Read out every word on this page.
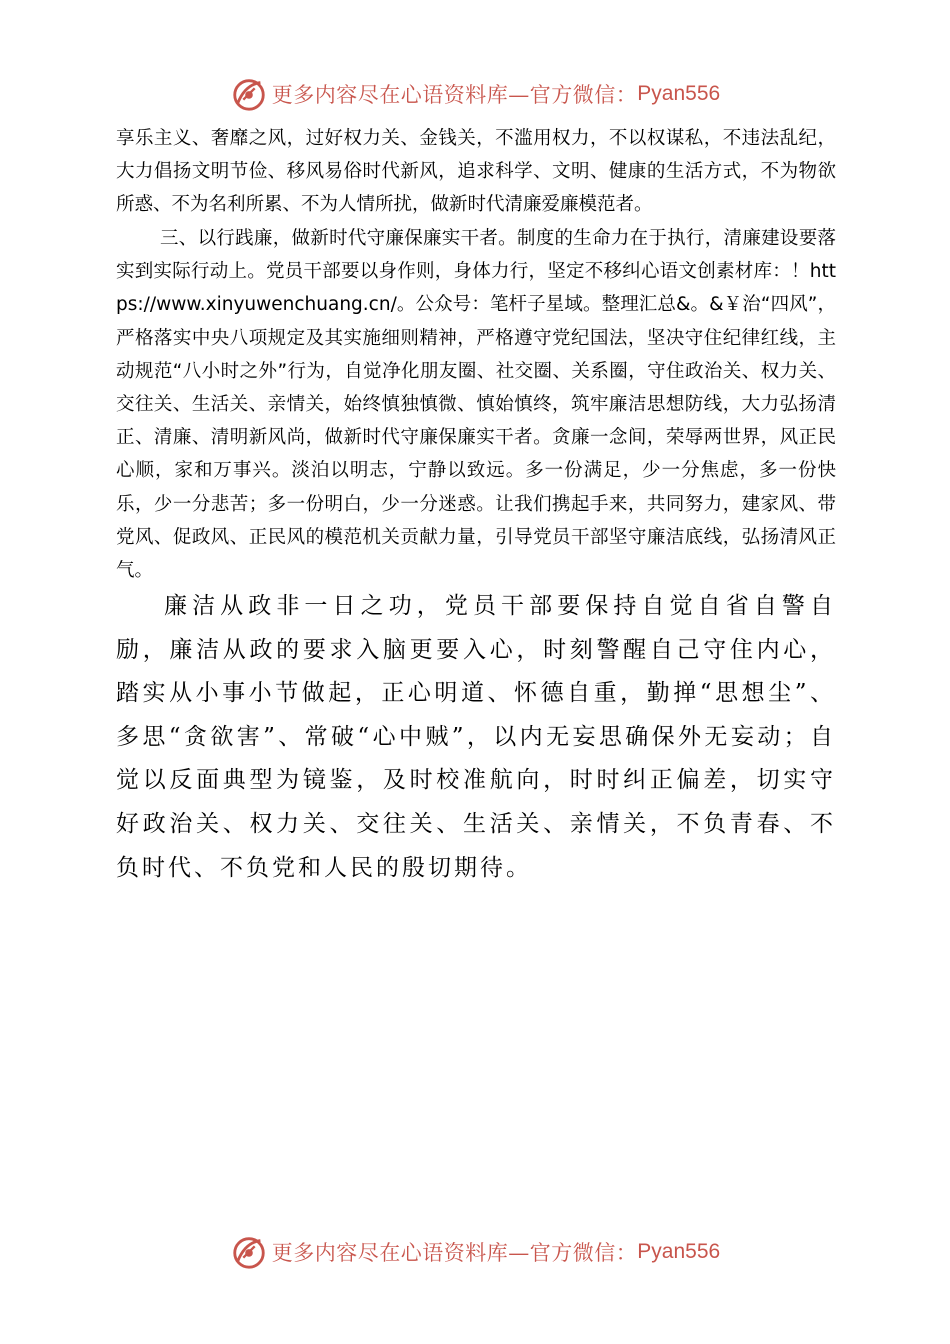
更多内容尽在心语资料库—官方微信： Pyan556

享乐主义、奢靡之风，过好权力关、金钱关，不滥用权力，不以权谋私，不违法乱纪，大力倡扬文明节俭、移风易俗时代新风，追求科学、文明、健康的生活方式，不为物欲所惑、不为名利所累、不为人情所扰，做新时代清廉爱廉模范者。

三、以行践廉，做新时代守廉保廉实干者。制度的生命力在于执行，清廉建设要落实到实际行动上。党员干部要以身作则，身体力行，坚定不移纠心语文创素材库：！https://www.xinyuwenchuang.cn/。公众号：笔杆子星域。整理汇总&。&￥治“四风”，严格落实中央八项规定及其实施细则精神，严格遵守党纪国法，坚决守住纪律红线，主动规范“八小时之外”行为，自觉净化朋友圈、社交圈、关系圈，守住政治关、权力关、交往关、生活关、亲情关，始终慎独慎微、慎始慎终，筑牢廉洁思想防线，大力弘扬清正、清廉、清明新风尚，做新时代守廉保廉实干者。贪廉一念间，荣辱两世界，风正民心顺，家和万事兴。淡泊以明志，宁静以致远。多一份满足，少一分焦虑，多一份快乐，少一分悲苦；多一份明白，少一分迷惑。让我们携起手来，共同努力，建家风、带党风、促政风、正民风的模范机关贡献力量，引导党员干部坚守廉洁底线，弘扬清风正气。

廉洁从政非一日之功，党员干部要保持自觉自省自警自励，廉洁从政的要求入脑更要入心，时刻警醒自己守住内心，踏实从小事小节做起，正心明道、怀德自重，勤掸“思想尘”、多思“贪欲害”、常破“心中贼”，以内无妄思确保外无妄动；自觉以反面典型为镜鉴，及时校准航向，时时纠正偏差，切实守好政治关、权力关、交往关、生活关、亲情关，不负青春、不负时代、不负党和人民的殷切期待。

更多内容尽在心语资料库—官方微信： Pyan556
